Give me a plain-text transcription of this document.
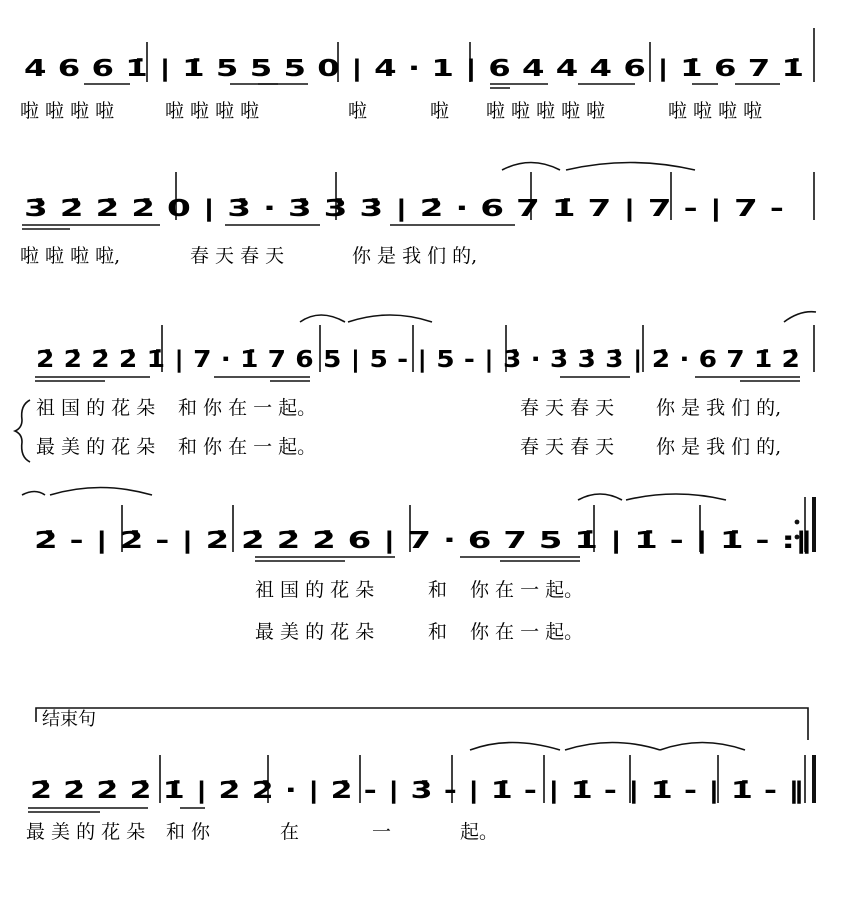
4 6 6 1̇ | 1̇ 5 5 5 0 | 4 · 1 | 6 4 4 4 6 | 1̇ 6 7 1̇
3̇ 2̇ 2̇ 2̇ 0 | 3̇ · 3̇ 3̇ 3̇ | 2̇ · 6 7 1̇ 7 | 7 - | 7 -
2̇ 2̇ 2̇ 2̇ 1̇ | 7 · 1̇ 7 6 5 | 5 - | 5 - | 3̇ · 3̇ 3̇ 3̇ | 2̇ · 6 7 1̇ 2̇
2̇ - | 2̇ - | 2̇ 2̇ 2̇ 2̇ 6 | 7 · 6 7 5 1̇ | 1̇ - | 1̇ - :‖
2̇ 2̇ 2̇ 2̇ 1̇ | 2̇ 2̇ · | 2̇ - | 3̇ - | 1̇ - | 1̇ - | 1̇ - | 1̇ - ‖
啦 啦 啦 啦	啦 啦 啦 啦	啦	啦 啦 啦 啦 啦 啦	啦 啦 啦 啦
啦 啦 啦 啦,	春 天 春 天	你 是 我 们 的,
祖 国 的 花 朵 和 你 在 一 起。	春 天 春 天 你 是 我 们 的,
最 美 的 花 朵 和 你 在 一 起。	春 天 春 天 你 是 我 们 的,
祖 国 的 花 朵	和 你 在 一 起。
最 美 的 花 朵	和 你 在 一 起。
结束句
最 美 的 花 朵 和 你	在	一	起。
